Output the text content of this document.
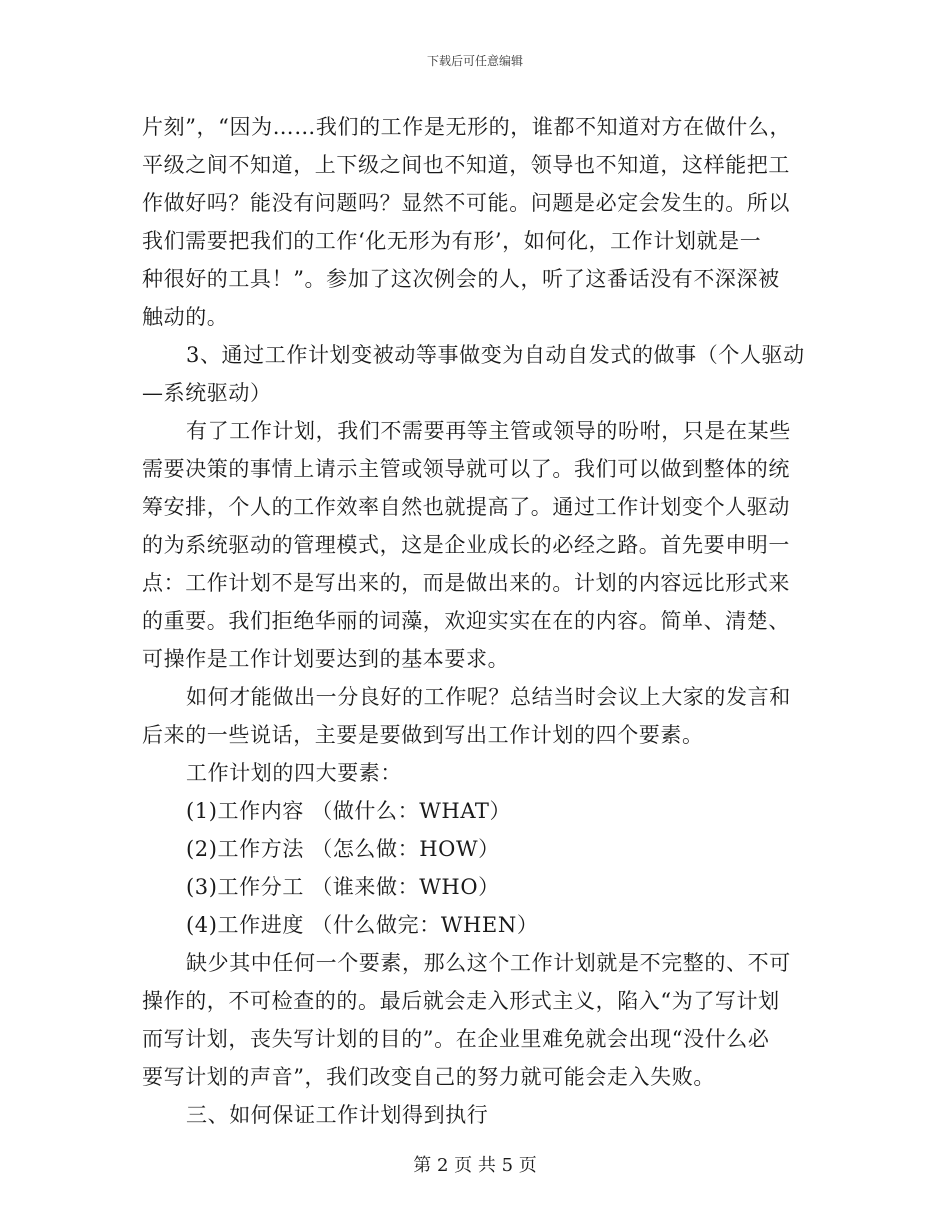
下载后可任意编辑
片刻”，“因为……我们的工作是无形的，谁都不知道对方在做什么，
平级之间不知道，上下级之间也不知道，领导也不知道，这样能把工
作做好吗？能没有问题吗？显然不可能。问题是必定会发生的。所以
我们需要把我们的工作‘化无形为有形’，如何化，工作计划就是一
种很好的工具！”。参加了这次例会的人，听了这番话没有不深深被
触动的。
3、通过工作计划变被动等事做变为自动自发式的做事（个人驱动
—系统驱动）
有了工作计划，我们不需要再等主管或领导的吩咐，只是在某些
需要决策的事情上请示主管或领导就可以了。我们可以做到整体的统
筹安排，个人的工作效率自然也就提高了。通过工作计划变个人驱动
的为系统驱动的管理模式，这是企业成长的必经之路。首先要申明一
点：工作计划不是写出来的，而是做出来的。计划的内容远比形式来
的重要。我们拒绝华丽的词藻，欢迎实实在在的内容。简单、清楚、
可操作是工作计划要达到的基本要求。
如何才能做出一分良好的工作呢？总结当时会议上大家的发言和
后来的一些说话，主要是要做到写出工作计划的四个要素。
工作计划的四大要素：
(1)工作内容 （做什么：WHAT）
(2)工作方法 （怎么做：HOW）
(3)工作分工 （谁来做：WHO）
(4)工作进度 （什么做完：WHEN）
缺少其中任何一个要素，那么这个工作计划就是不完整的、不可
操作的，不可检查的的。最后就会走入形式主义，陷入“为了写计划
而写计划，丧失写计划的目的”。在企业里难免就会出现“没什么必
要写计划的声音”，我们改变自己的努力就可能会走入失败。
三、如何保证工作计划得到执行
第 2 页 共 5 页
